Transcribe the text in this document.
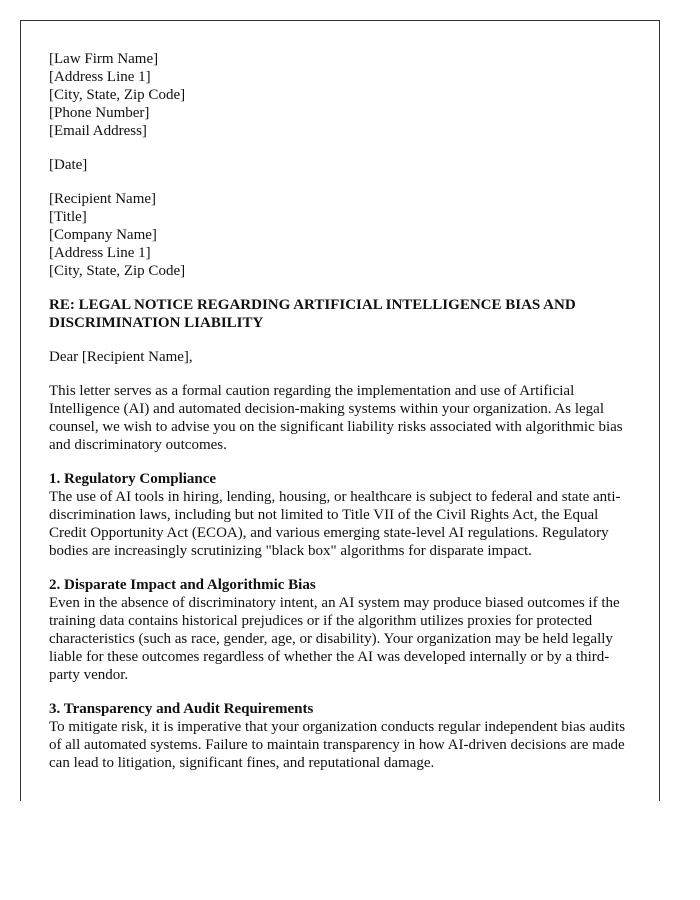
[Law Firm Name]
[Address Line 1]
[City, State, Zip Code]
[Phone Number]
[Email Address]

[Date]

[Recipient Name]
[Title]
[Company Name]
[Address Line 1]
[City, State, Zip Code]

RE: LEGAL NOTICE REGARDING ARTIFICIAL INTELLIGENCE BIAS AND DISCRIMINATION LIABILITY

Dear [Recipient Name],

This letter serves as a formal caution regarding the implementation and use of Artificial Intelligence (AI) and automated decision-making systems within your organization. As legal counsel, we wish to advise you on the significant liability risks associated with algorithmic bias and discriminatory outcomes.

1. Regulatory Compliance
The use of AI tools in hiring, lending, housing, or healthcare is subject to federal and state anti-discrimination laws, including but not limited to Title VII of the Civil Rights Act, the Equal Credit Opportunity Act (ECOA), and various emerging state-level AI regulations. Regulatory bodies are increasingly scrutinizing "black box" algorithms for disparate impact.

2. Disparate Impact and Algorithmic Bias
Even in the absence of discriminatory intent, an AI system may produce biased outcomes if the training data contains historical prejudices or if the algorithm utilizes proxies for protected characteristics (such as race, gender, age, or disability). Your organization may be held legally liable for these outcomes regardless of whether the AI was developed internally or by a third-party vendor.

3. Transparency and Audit Requirements
To mitigate risk, it is imperative that your organization conducts regular independent bias audits of all automated systems. Failure to maintain transparency in how AI-driven decisions are made can lead to litigation, significant fines, and reputational damage.
